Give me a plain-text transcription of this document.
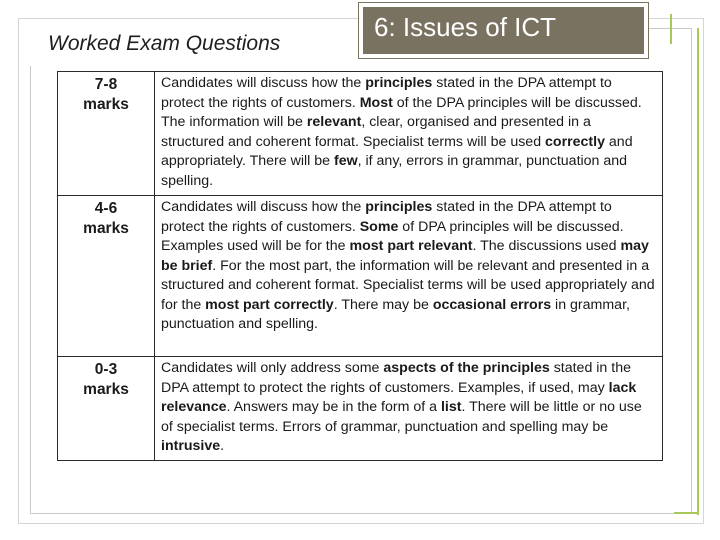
Worked Exam Questions
6: Issues of ICT
7-8
marks	Candidates will discuss how the principles stated in the DPA attempt to protect the rights of customers. Most of the DPA principles will be discussed. The information will be relevant, clear, organised and presented in a structured and coherent format. Specialist terms will be used correctly and appropriately. There will be few, if any, errors in grammar, punctuation and spelling.
4-6
marks	Candidates will discuss how the principles stated in the DPA attempt to protect the rights of customers. Some of DPA principles will be discussed. Examples used will be for the most part relevant. The discussions used may be brief. For the most part, the information will be relevant and presented in a structured and coherent format. Specialist terms will be used appropriately and for the most part correctly. There may be occasional errors in grammar, punctuation and spelling.
0-3
marks	Candidates will only address some aspects of the principles stated in the DPA attempt to protect the rights of customers. Examples, if used, may lack relevance. Answers may be in the form of a list. There will be little or no use of specialist terms. Errors of grammar, punctuation and spelling may be intrusive.
